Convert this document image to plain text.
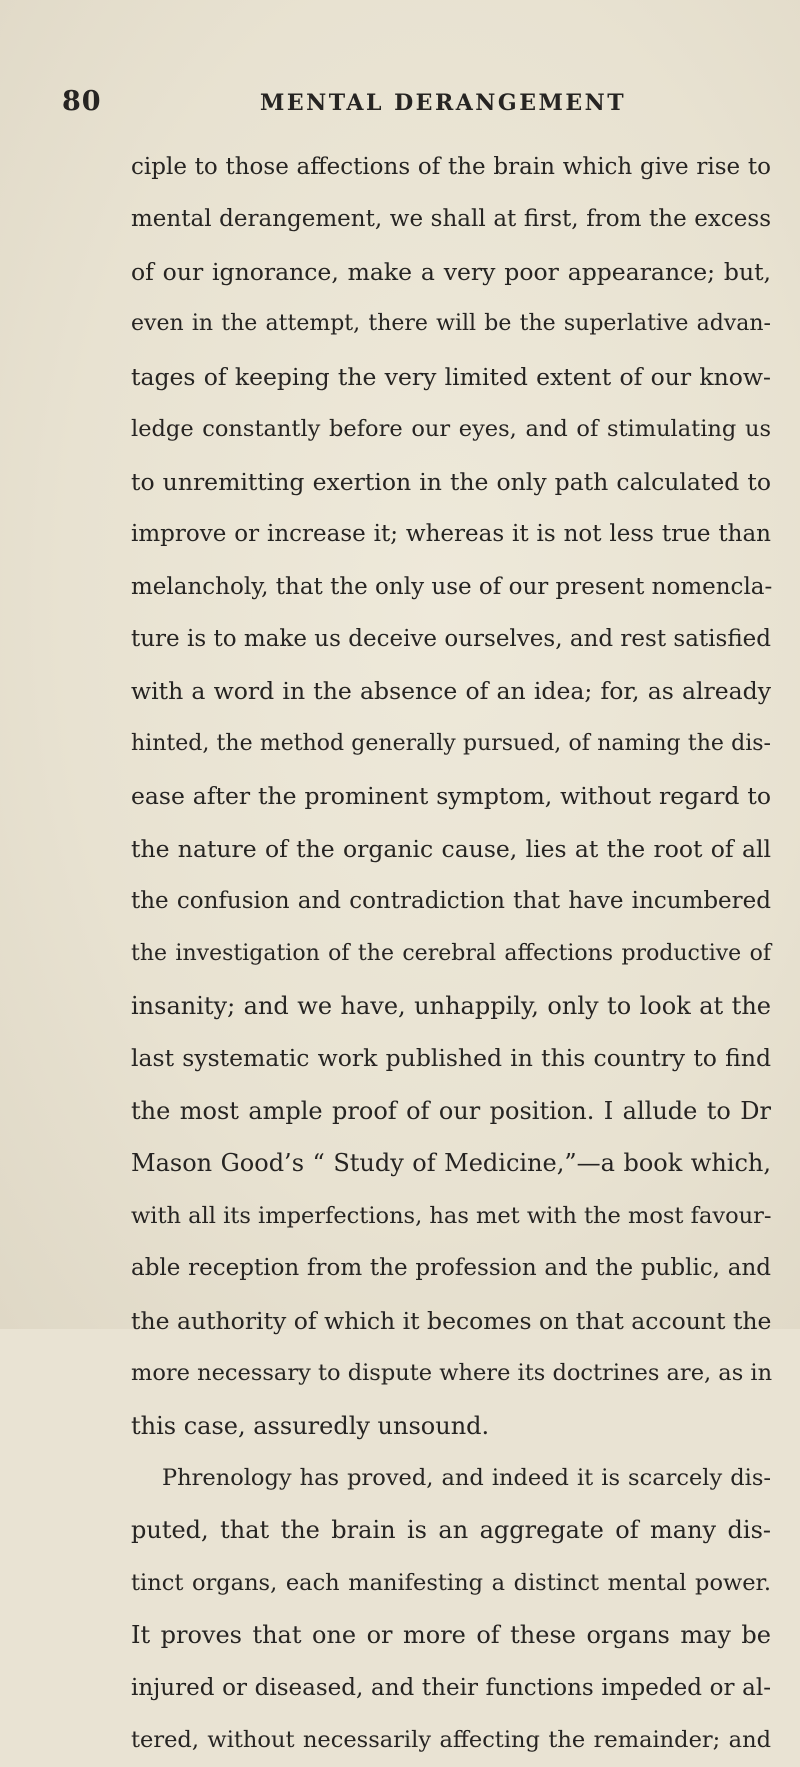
80	MENTAL DERANGEMENT
ciple to those affections of the brain which give rise to
mental derangement, we shall at first, from the excess
of our ignorance, make a very poor appearance; but,
even in the attempt, there will be the superlative advan-
tages of keeping the very limited extent of our know-
ledge constantly before our eyes, and of stimulating us
to unremitting exertion in the only path calculated to
improve or increase it; whereas it is not less true than
melancholy, that the only use of our present nomencla-
ture is to make us deceive ourselves, and rest satisfied
with a word in the absence of an idea; for, as already
hinted, the method generally pursued, of naming the dis-
ease after the prominent symptom, without regard to
the nature of the organic cause, lies at the root of all
the confusion and contradiction that have incumbered
the investigation of the cerebral affections productive of
insanity; and we have, unhappily, only to look at the
last systematic work published in this country to find
the most ample proof of our position. I allude to Dr
Mason Good’s “ Study of Medicine,”—a book which,
with all its imperfections, has met with the most favour-
able reception from the profession and the public, and
the authority of which it becomes on that account the
more necessary to dispute where its doctrines are, as in
this case, assuredly unsound.
Phrenology has proved, and indeed it is scarcely dis-
puted, that the brain is an aggregate of many dis-
tinct organs, each manifesting a distinct mental power.
It proves that one or more of these organs may be
injured or diseased, and their functions impeded or al-
tered, without necessarily affecting the remainder; and
